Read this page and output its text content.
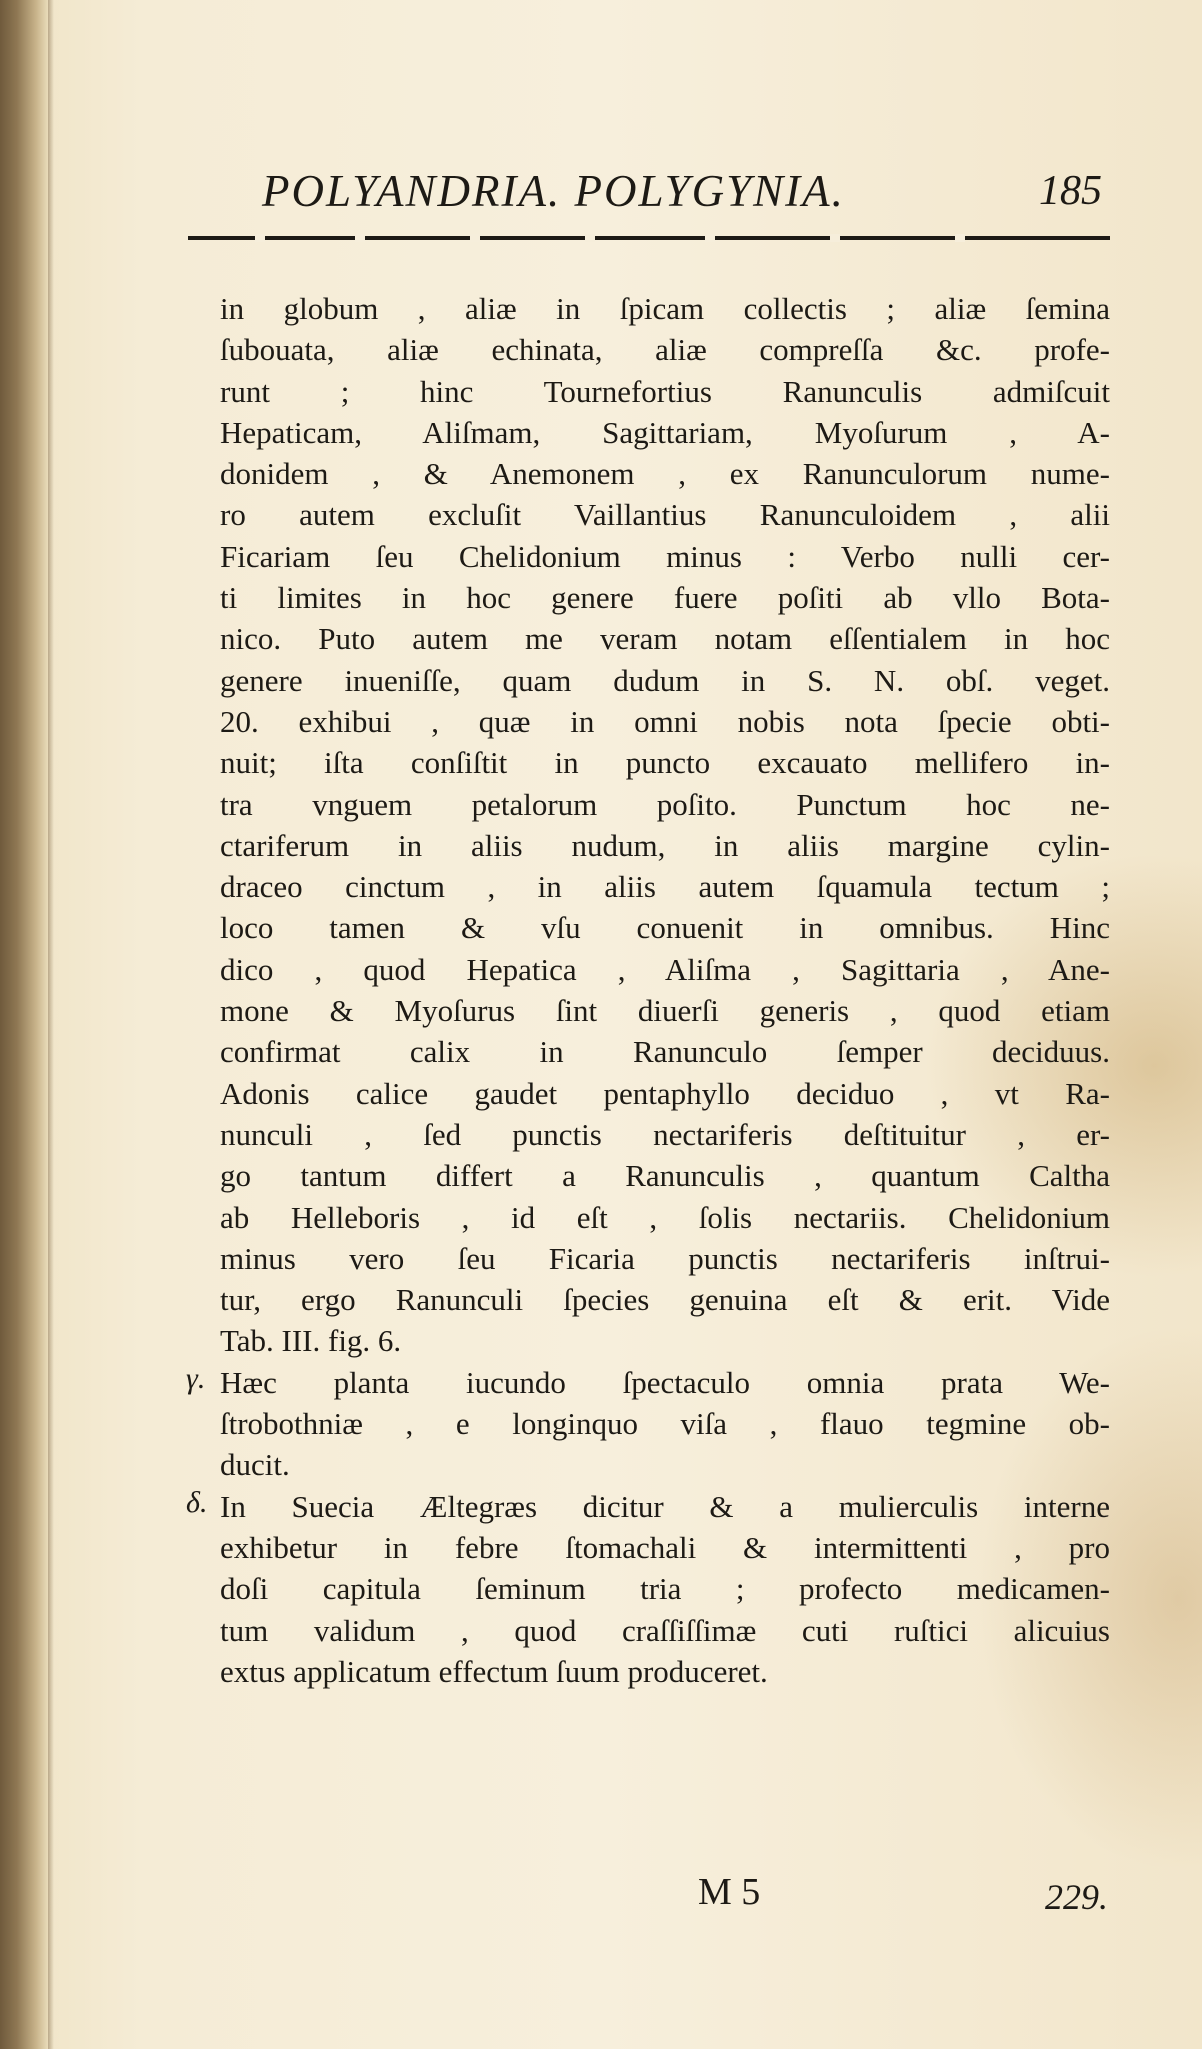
POLYANDRIA. POLYGYNIA.	185
in globum , aliæ in ſpicam collectis ; aliæ ſemina
ſubouata, aliæ echinata, aliæ compreſſa &c. profe-
runt ; hinc Tournefortius Ranunculis admiſcuit
Hepaticam, Aliſmam, Sagittariam, Myoſurum , A-
donidem , & Anemonem , ex Ranunculorum nume-
ro autem excluſit Vaillantius Ranunculoidem , alii
Ficariam ſeu Chelidonium minus : Verbo nulli cer-
ti limites in hoc genere fuere poſiti ab vllo Bota-
nico. Puto autem me veram notam eſſentialem in hoc
genere inueniſſe, quam dudum in S. N. obſ. veget.
20. exhibui , quæ in omni nobis nota ſpecie obti-
nuit; iſta conſiſtit in puncto excauato mellifero in-
tra vnguem petalorum poſito. Punctum hoc ne-
ctariferum in aliis nudum, in aliis margine cylin-
draceo cinctum , in aliis autem ſquamula tectum ;
loco tamen & vſu conuenit in omnibus. Hinc
dico , quod Hepatica , Aliſma , Sagittaria , Ane-
mone & Myoſurus ſint diuerſi generis , quod etiam
confirmat calix in Ranunculo ſemper deciduus.
Adonis calice gaudet pentaphyllo deciduo , vt Ra-
nunculi , ſed punctis nectariferis deſtituitur , er-
go tantum differt a Ranunculis , quantum Caltha
ab Helleboris , id eſt , ſolis nectariis. Chelidonium
minus vero ſeu Ficaria punctis nectariferis inſtrui-
tur, ergo Ranunculi ſpecies genuina eſt & erit. Vide
Tab. III. fig. 6.
Hæc planta iucundo ſpectaculo omnia prata We-
ſtrobothniæ , e longinquo viſa , flauo tegmine ob-
ducit.
In Suecia Æltegræs dicitur & a mulierculis interne
exhibetur in febre ſtomachali & intermittenti , pro
doſi capitula ſeminum tria ; profecto medicamen-
tum validum , quod craſſiſſimæ cuti ruſtici alicuius
extus applicatum effectum ſuum produceret.
γ.
δ.
M 5	229.
